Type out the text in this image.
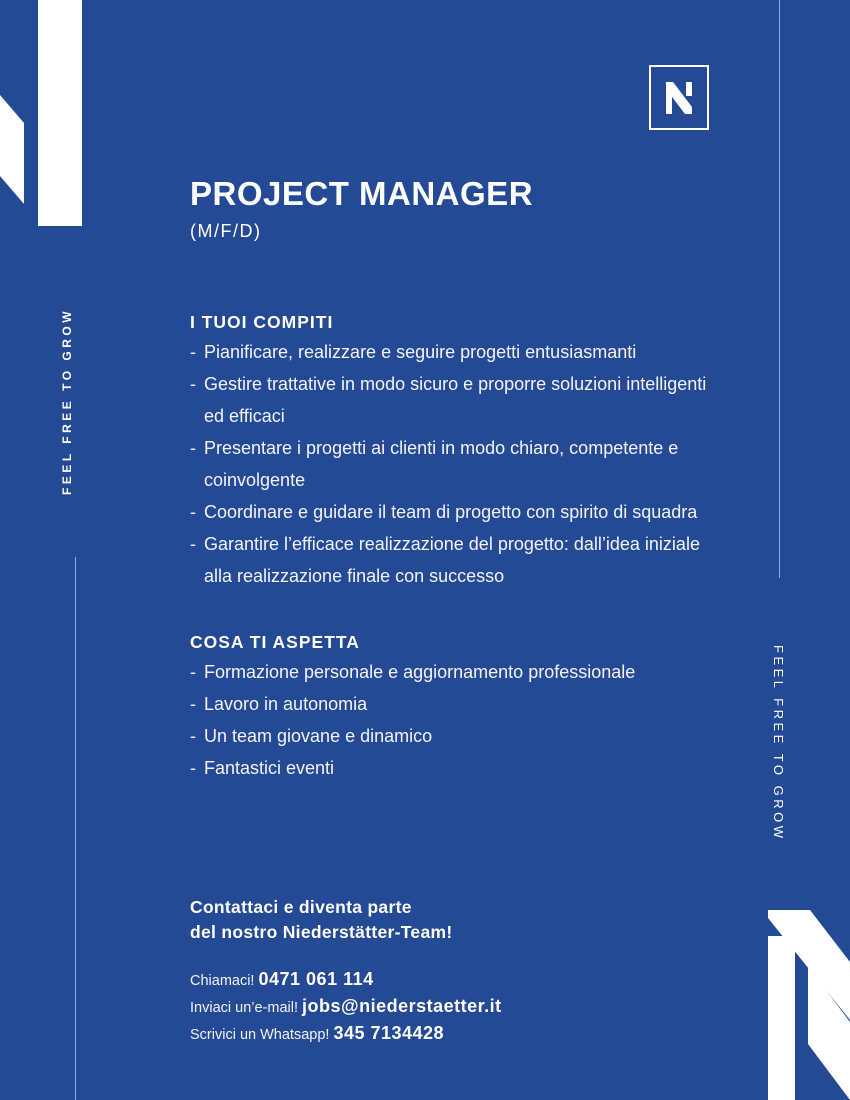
FEEL FREE TO GROW
FEEL FREE TO GROW
PROJECT MANAGER
(M/F/D)
I TUOI COMPITI
- Pianificare, realizzare e seguire progetti entusiasmanti
- Gestire trattative in modo sicuro e proporre soluzioni intelligenti ed efficaci
- Presentare i progetti ai clienti in modo chiaro, competente e coinvolgente
- Coordinare e guidare il team di progetto con spirito di squadra
- Garantire l’efficace realizzazione del progetto: dall’idea iniziale alla realizzazione finale con successo
COSA TI ASPETTA
- Formazione personale e aggiornamento professionale
- Lavoro in autonomia
- Un team giovane e dinamico
- Fantastici eventi
Contattaci e diventa parte
del nostro Niederstätter-Team!
Chiamaci! 0471 061 114
Inviaci un’e-mail! jobs@niederstaetter.it
Scrivici un Whatsapp! 345 7134428
